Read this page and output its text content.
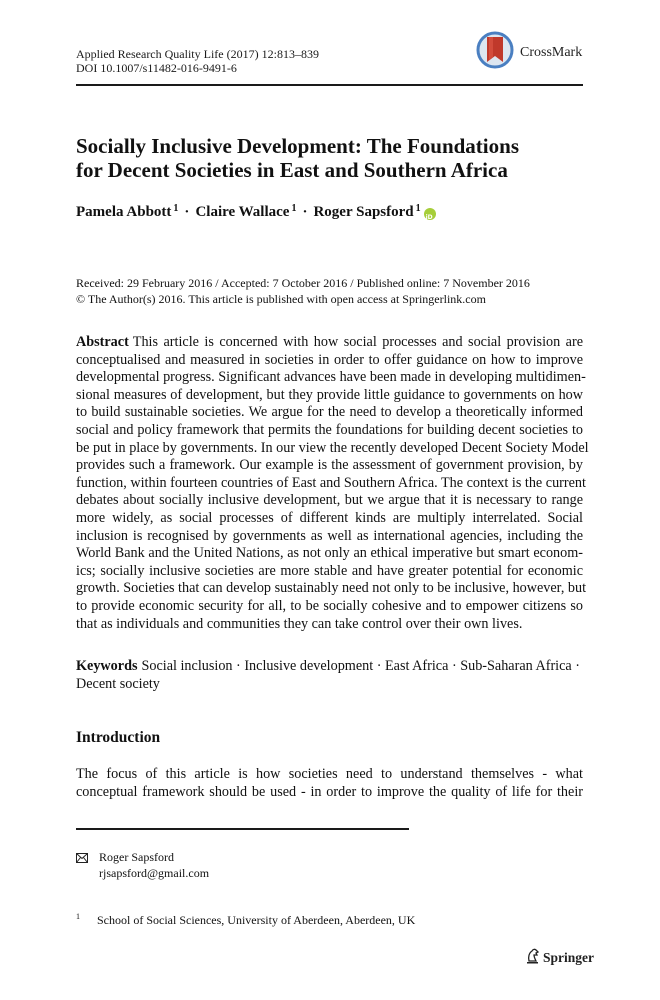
Applied Research Quality Life (2017) 12:813–839
DOI 10.1007/s11482-016-9491-6
CrossMark
Socially Inclusive Development: The Foundations
for Decent Societies in East and Southern Africa
Pamela Abbott$^1$ · Claire Wallace$^1$ · Roger Sapsford$^1$
iD
Received: 29 February 2016 / Accepted: 7 October 2016 / Published online: 7 November 2016
© The Author(s) 2016. This article is published with open access at Springerlink.com
Abstract This article is concerned with how social processes and social provision are
conceptualised and measured in societies in order to offer guidance on how to improve
developmental progress. Significant advances have been made in developing multidimen-
sional measures of development, but they provide little guidance to governments on how
to build sustainable societies. We argue for the need to develop a theoretically informed
social and policy framework that permits the foundations for building decent societies to
be put in place by governments. In our view the recently developed Decent Society Model
provides such a framework. Our example is the assessment of government provision, by
function, within fourteen countries of East and Southern Africa. The context is the current
debates about socially inclusive development, but we argue that it is necessary to range
more widely, as social processes of different kinds are multiply interrelated. Social
inclusion is recognised by governments as well as international agencies, including the
World Bank and the United Nations, as not only an ethical imperative but smart econom-
ics; socially inclusive societies are more stable and have greater potential for economic
growth. Societies that can develop sustainably need not only to be inclusive, however, but
to provide economic security for all, to be socially cohesive and to empower citizens so
that as individuals and communities they can take control over their own lives.
Keywords Social inclusion · Inclusive development · East Africa · Sub-Saharan Africa ·
Decent society
Introduction
The focus of this article is how societies need to understand themselves - what
conceptual framework should be used - in order to improve the quality of life for their
Roger Sapsford
rjsapsford@gmail.com
1 School of Social Sciences, University of Aberdeen, Aberdeen, UK
Springer
